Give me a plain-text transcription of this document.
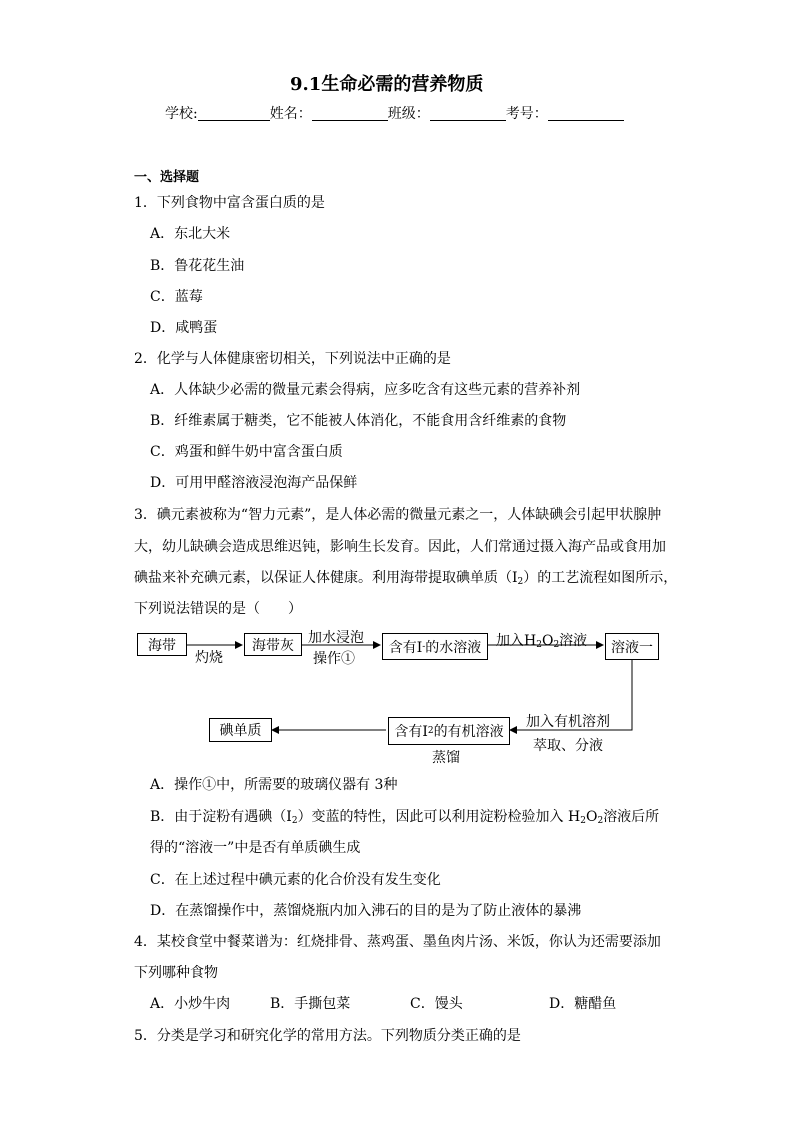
9.1生命必需的营养物质
学校:	姓名：	班级：	考号：
一、选择题
1．下列食物中富含蛋白质的是
A．东北大米
B．鲁花花生油
C．蓝莓
D．咸鸭蛋
2．化学与人体健康密切相关，下列说法中正确的是
A．人体缺少必需的微量元素会得病，应多吃含有这些元素的营养补剂
B．纤维素属于糖类，它不能被人体消化，不能食用含纤维素的食物
C．鸡蛋和鲜牛奶中富含蛋白质
D．可用甲醛溶液浸泡海产品保鲜
3．碘元素被称为“智力元素”，是人体必需的微量元素之一，人体缺碘会引起甲状腺肿
大，幼儿缺碘会造成思维迟钝，影响生长发育。因此，人们常通过摄入海产品或食用加
碘盐来补充碘元素，以保证人体健康。利用海带提取碘单质$(I_2)$的工艺流程如图所示，
下列说法错误的是（　　）
海带	海带灰	含有I - 的水溶液	溶液一
含有I 2 的有机溶液
碘单质
灼烧
加水浸泡
操作①
加入$H_2O_2$溶液
加入有机溶剂
萃取、分液
蒸馏
A．操作①中，所需要的玻璃仪器有 3种
B．由于淀粉有遇碘$(I_2)$变蓝的特性，因此可以利用淀粉检验加入 $H_2O_2$溶液后所
得的“溶液一”中是否有单质碘生成
C．在上述过程中碘元素的化合价没有发生变化
D．在蒸馏操作中，蒸馏烧瓶内加入沸石的目的是为了防止液体的暴沸
4．某校食堂中餐菜谱为：红烧排骨、蒸鸡蛋、墨鱼肉片汤、米饭，你认为还需要添加
下列哪种食物
A．小炒牛肉	B．手撕包菜	C．馒头	D．糖醋鱼
5．分类是学习和研究化学的常用方法。下列物质分类正确的是
